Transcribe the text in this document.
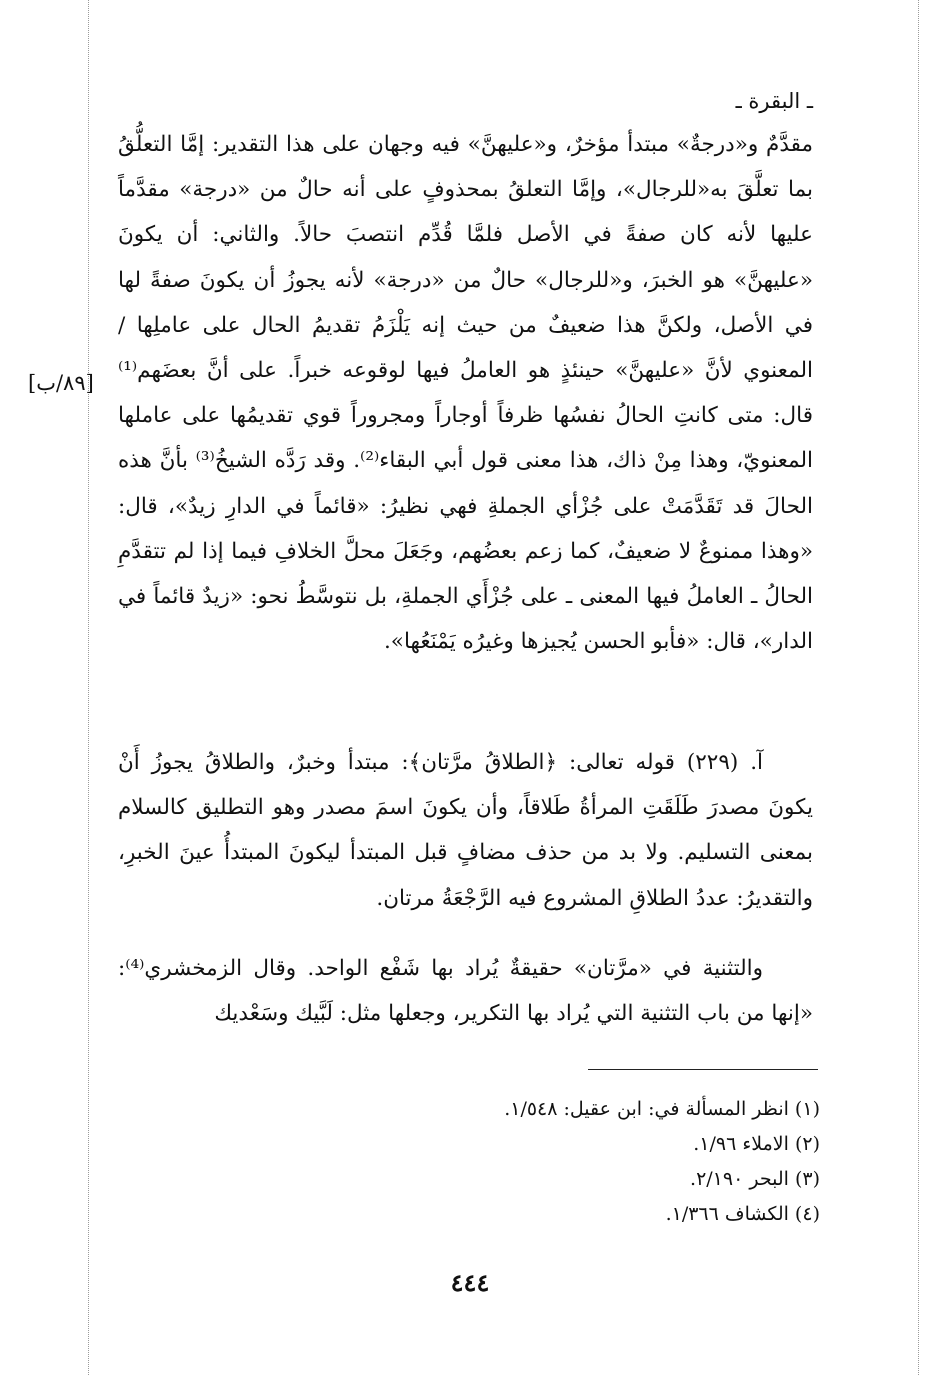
ـ البقرة ـ
[٨٩/ب]

مقدَّمٌ و«درجةٌ» مبتدأ مؤخرٌ، و«عليهنَّ» فيه وجهان على هذا التقدير: إمَّا التعلُّقُ بما تعلَّقَ به«للرجال»، وإمَّا التعلقُ بمحذوفٍ على أنه حالٌ من «درجة» مقدَّماً عليها لأنه كان صفةً في الأصل فلمَّا قُدِّم انتصبَ حالاً. والثاني: أن يكونَ «عليهنَّ» هو الخبرَ، و«للرجال» حالٌ من «درجة» لأنه يجوزُ أن يكونَ صفةً لها في الأصل، ولكنَّ هذا ضعيفٌ من حيث إنه يَلْزَمُ تقديمُ الحال على عاملِها / المعنوي لأنَّ «عليهنَّ» حينئذٍ هو العاملُ فيها لوقوعه خبراً. على أنَّ بعضَهم⁽¹⁾ قال: متى كانتِ الحالُ نفسُها ظرفاً أوجاراً ومجروراً قوي تقديمُها على عاملها المعنويّ، وهذا مِنْ ذاك، هذا معنى قول أبي البقاء⁽²⁾. وقد رَدَّه الشيخُ⁽³⁾ بأنَّ هذه الحالَ قد تَقَدَّمَتْ على جُزْأي الجملةِ فهي نظيرُ: «قائماً في الدارِ زيدٌ»، قال: «وهذا ممنوعٌ لا ضعيفٌ، كما زعم بعضُهم، وجَعَلَ محلَّ الخلافِ فيما إذا لم تتقدَّمِ الحالُ ـ العاملُ فيها المعنى ـ على جُزْأَي الجملةِ، بل نتوسَّطُ نحو: «زيدٌ قائماً في الدار»، قال: «فأبو الحسن يُجيزها وغيرُه يَمْنَعُها».

آ. (٢٢٩) قوله تعالى: ﴿الطلاقُ مرَّتان﴾: مبتدأ وخبرٌ، والطلاقُ يجوزُ أَنْ يكونَ مصدرَ طَلَقَتِ المرأةُ طَلاقاً، وأن يكونَ اسمَ مصدر وهو التطليق كالسلام بمعنى التسليم. ولا بد من حذف مضافٍ قبل المبتدأ ليكونَ المبتدأُ عينَ الخبرِ، والتقديرُ: عددُ الطلاقِ المشروع فيه الرَّجْعَةُ مرتان.

والتثنية في «مرَّتان» حقيقةٌ يُراد بها شَفْع الواحد. وقال الزمخشري⁽⁴⁾: «إنها من باب التثنية التي يُراد بها التكرير، وجعلها مثل: لَبَّيك وسَعْديك

(١) انظر المسألة في: ابن عقيل: ١/٥٤٨.
(٢) الاملاء ١/٩٦.
(٣) البحر ٢/١٩٠.
(٤) الكشاف ١/٣٦٦.
٤٤٤
